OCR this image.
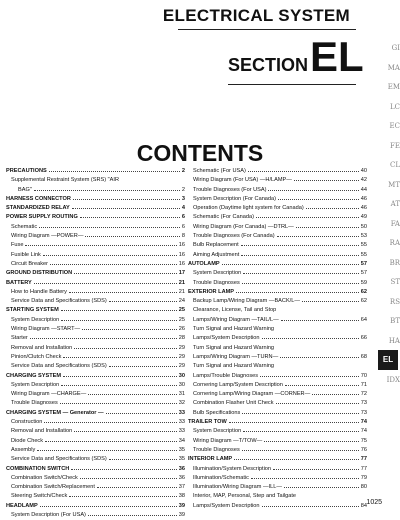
ELECTRICAL SYSTEM
SECTION EL
CONTENTS
PRECAUTIONS	2
Supplemental Restraint System (SRS) "AIR
BAG"	2
HARNESS CONNECTOR	3
STANDARDIZED RELAY	4
POWER SUPPLY ROUTING	6
Schematic	6
Wiring Diagram —POWER—	8
Fuse	16
Fusible Link	16
Circuit Breaker	16
GROUND DISTRIBUTION	17
BATTERY	21
How to Handle Battery	21
Service Data and Specifications (SDS)	24
STARTING SYSTEM	25
System Description	25
Wiring Diagram —START—	26
Starter	28
Removal and Installation	29
Pinion/Clutch Check	29
Service Data and Specifications (SDS)	29
CHARGING SYSTEM	30
System Description	30
Wiring Diagram —CHARGE—	31
Trouble Diagnoses	32
CHARGING SYSTEM — Generator —	33
Construction	33
Removal and Installation	33
Diode Check	34
Assembly	35
Service Data and Specifications (SDS)	35
COMBINATION SWITCH	36
Combination Switch/Check	36
Combination Switch/Replacement	37
Steering Switch/Check	38
HEADLAMP	39
System Description (For USA)	39
Schematic (For USA)	40
Wiring Diagram (For USA) —H/LAMP—	42
Trouble Diagnoses (For USA)	44
System Description (For Canada)	46
Operation (Daytime light system for Canada)	46
Schematic (For Canada)	49
Wiring Diagram (For Canada) —DTRL—	50
Trouble Diagnoses (For Canada)	53
Bulb Replacement	55
Aiming Adjustment	55
AUTOLAMP	57
System Description	57
Trouble Diagnoses	59
EXTERIOR LAMP	62
Backup Lamp/Wiring Diagram —BACK/L—	62
Clearance, License, Tail and Stop
Lamps/Wiring Diagram —TAIL/L—	64
Turn Signal and Hazard Warning
Lamps/System Description	66
Turn Signal and Hazard Warning
Lamps/Wiring Diagram —TURN—	68
Turn Signal and Hazard Warning
Lamps/Trouble Diagnoses	70
Cornering Lamp/System Description	71
Cornering Lamp/Wiring Diagram —CORNER—	72
Combination Flasher Unit Check	73
Bulb Specifications	73
TRAILER TOW	74
System Description	74
Wiring Diagram —T/TOW—	75
Trouble Diagnoses	76
INTERIOR LAMP	77
Illumination/System Description	77
Illumination/Schematic	79
Illumination/Wiring Diagram —ILL—	80
Interior, MAP, Personal, Step and Tailgate
Lamps/System Description	84
GI
MA
EM
LC
EC
FE
CL
MT
AT
FA
RA
BR
ST
RS
BT
HA
EL
IDX
1025
